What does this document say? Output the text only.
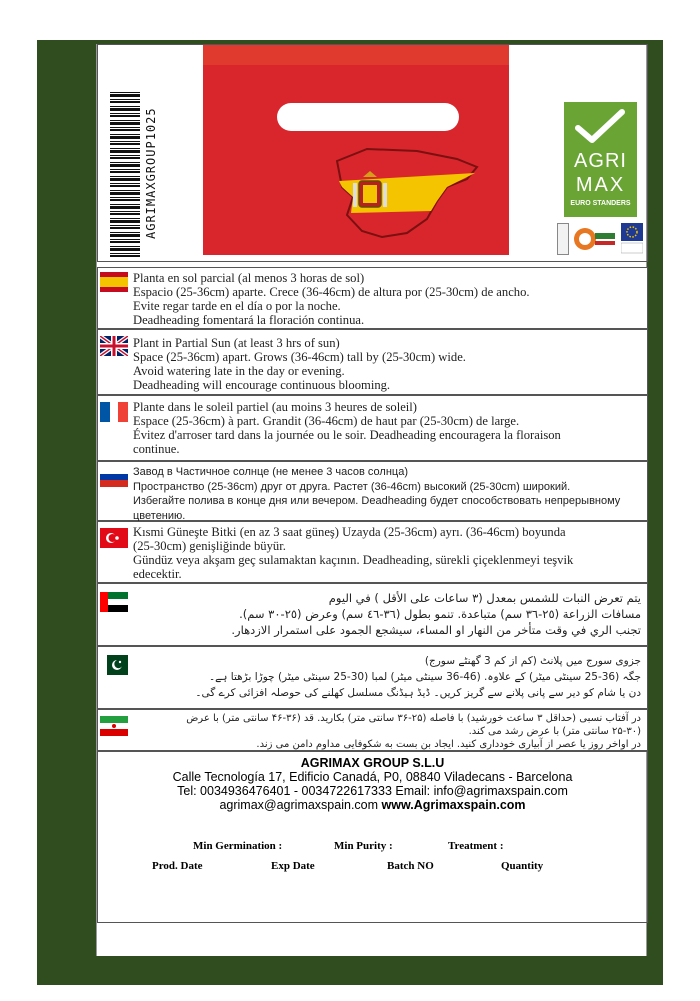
AGRIMAXGROUP1025	AGRI
MAX
EURO STANDERS

Planta en sol parcial (al menos 3 horas de sol)

Espacio (25-36cm) aparte. Crece (36-46cm) de altura por (25-30cm) de ancho.

Evite regar tarde en el día o por la noche.

Deadheading fomentará la floración continua.

Plant in Partial Sun (at least 3 hrs of sun)

Space (25-36cm) apart. Grows (36-46cm) tall by (25-30cm) wide.

Avoid watering late in the day or evening.

Deadheading will encourage continuous blooming.

Plante dans le soleil partiel (au moins 3 heures de soleil)

Espace (25-36cm) à part. Grandit (36-46cm) de haut par (25-30cm) de large.

Évitez d'arroser tard dans la journée ou le soir. Deadheading encouragera la floraison

continue.

Завод в Частичное солнце (не менее 3 часов солнца)

Пространство (25-36cm) друг от друга. Растет (36-46cm) высокий (25-30cm) широкий.

Избегайте полива в конце дня или вечером. Deadheading будет способствовать непрерывному

цветению.

Kısmi Güneşte Bitki (en az 3 saat güneş) Uzayda (25-36cm) ayrı. (36-46cm) boyunda

(25-30cm) genişliğinde büyür.

Gündüz veya akşam geç sulamaktan kaçının. Deadheading, sürekli çiçeklenmeyi teşvik

edecektir.

يتم تعرض النبات للشمس بمعدل (٣ ساعات على الأقل ) في اليوم

مسافات الزراعة (٢٥-٣٦ سم) متباعدة. تنمو بطول (٣٦-٤٦ سم) وعرض (٢٥-٣٠ سم).

تجنب الري في وقت متأخر من النهار او المساء، سيشجع الجمود على استمرار الازدهار.

جزوی سورج میں پلانٹ (کم از کم 3 گھنٹے سورج)

جگہ (36-25 سینٹی میٹر) کے علاوہ. (46-36 سینٹی میٹر) لمبا (30-25 سینٹی میٹر) چوڑا بڑھتا ہے۔

دن یا شام کو دیر سے پانی پلانے سے گریز کریں۔ ڈیڈ ہیڈنگ مسلسل کھلنے کی حوصلہ افزائی کرے گی۔

در آفتاب نسبی (حداقل ۳ ساعت خورشید) با فاصله (۲۵-۳۶ سانتی متر) بکارید. قد (۳۶-۴۶ سانتی متر) با عرض

(۲۵-۳۰ سانتی متر) با عرض رشد می کند.

در اواخر روز یا عصر از آبیاری خودداری کنید. ایجاد بن بست به شکوفایی مداوم دامن می زند.

AGRIMAX GROUP S.L.U
Calle Tecnología 17, Edificio Canadá, P0, 08840 Viladecans - Barcelona
Tel: 0034936476401 - 0034722617333 Email: info@agrimaxspain.com
agrimax@agrimaxspain.com www.Agrimaxspain.com
Min Germination :	Min Purity :	Treatment :
Prod. Date	Exp Date	Batch NO	Quantity
